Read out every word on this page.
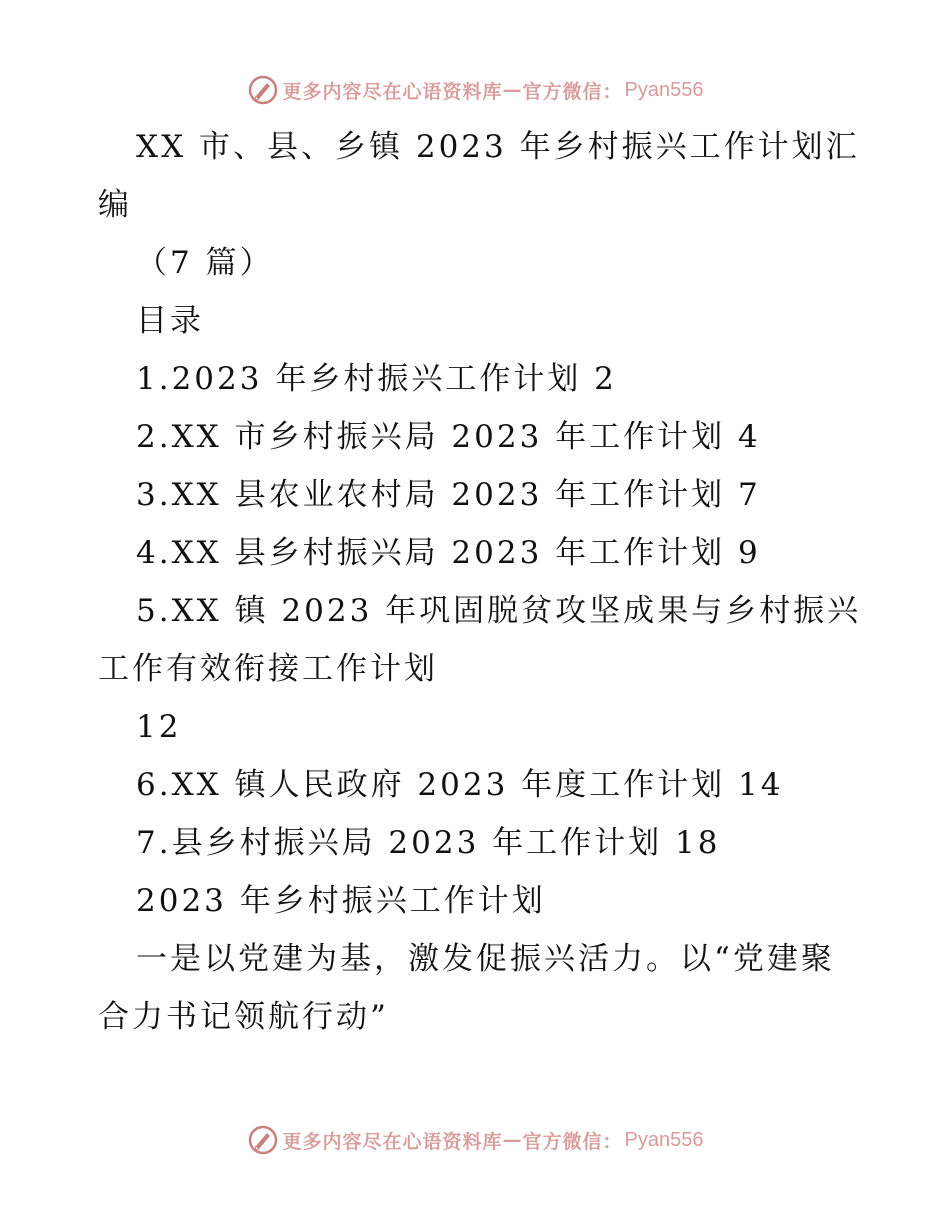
更多内容尽在心语资料库 — 官方微信： Pyan556
XX 市、县、乡镇 2023 年乡村振兴工作计划汇
编
（7 篇）
目录
1.2023 年乡村振兴工作计划 2
2.XX 市乡村振兴局 2023 年工作计划 4
3.XX 县农业农村局 2023 年工作计划 7
4.XX 县乡村振兴局 2023 年工作计划 9
5.XX 镇 2023 年巩固脱贫攻坚成果与乡村振兴
工作有效衔接工作计划
12
6.XX 镇人民政府 2023 年度工作计划 14
7.县乡村振兴局 2023 年工作计划 18
2023 年乡村振兴工作计划
一是以党建为基，激发促振兴活力。以“党建聚
合力书记领航行动”
更多内容尽在心语资料库 — 官方微信： Pyan556
